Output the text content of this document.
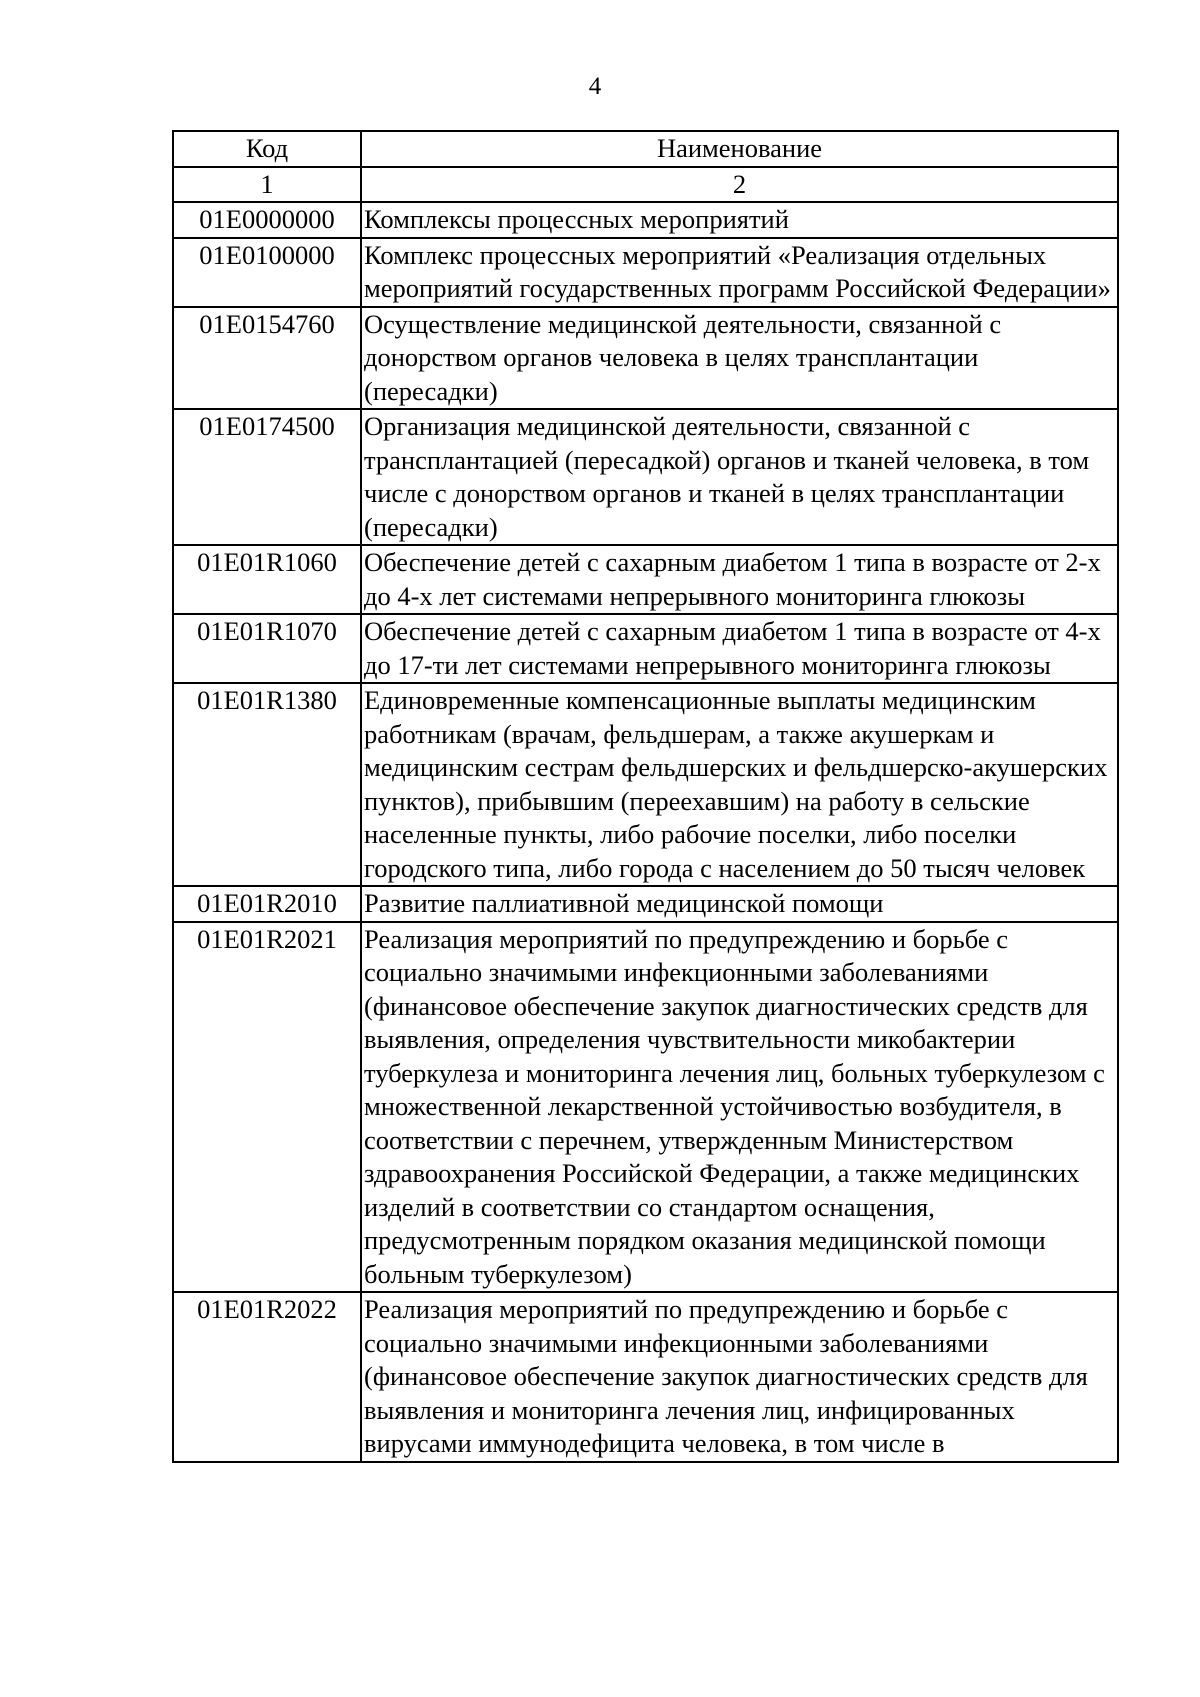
4
Код	Наименование
1	2
01Е0000000	Комплексы процессных мероприятий
01Е0100000	Комплекс процессных мероприятий «Реализация отдельных мероприятий государственных программ Российской Федерации»
01Е0154760	Осуществление медицинской деятельности, связанной с донорством органов человека в целях трансплантации (пересадки)
01Е0174500	Организация медицинской деятельности, связанной с трансплантацией (пересадкой) органов и тканей человека, в том числе с донорством органов и тканей в целях трансплантации (пересадки)
01Е01R1060	Обеспечение детей с сахарным диабетом 1 типа в возрасте от 2-х до 4-х лет системами непрерывного мониторинга глюкозы
01Е01R1070	Обеспечение детей с сахарным диабетом 1 типа в возрасте от 4-х до 17-ти лет системами непрерывного мониторинга глюкозы
01Е01R1380	Единовременные компенсационные выплаты медицинским работникам (врачам, фельдшерам, а также акушеркам и медицинским сестрам фельдшерских и фельдшерско-акушерских пунктов), прибывшим (переехавшим) на работу в сельские населенные пункты, либо рабочие поселки, либо поселки городского типа, либо города с населением до 50 тысяч человек
01Е01R2010	Развитие паллиативной медицинской помощи
01Е01R2021	Реализация мероприятий по предупреждению и борьбе с социально значимыми инфекционными заболеваниями (финансовое обеспечение закупок диагностических средств для выявления, определения чувствительности микобактерии туберкулеза и мониторинга лечения лиц, больных туберкулезом с множественной лекарственной устойчивостью возбудителя, в соответствии с перечнем, утвержденным Министерством здравоохранения Российской Федерации, а также медицинских изделий в соответствии со стандартом оснащения, предусмотренным порядком оказания медицинской помощи больным туберкулезом)
01Е01R2022	Реализация мероприятий по предупреждению и борьбе с социально значимыми инфекционными заболеваниями (финансовое обеспечение закупок диагностических средств для выявления и мониторинга лечения лиц, инфицированных вирусами иммунодефицита человека, в том числе в
